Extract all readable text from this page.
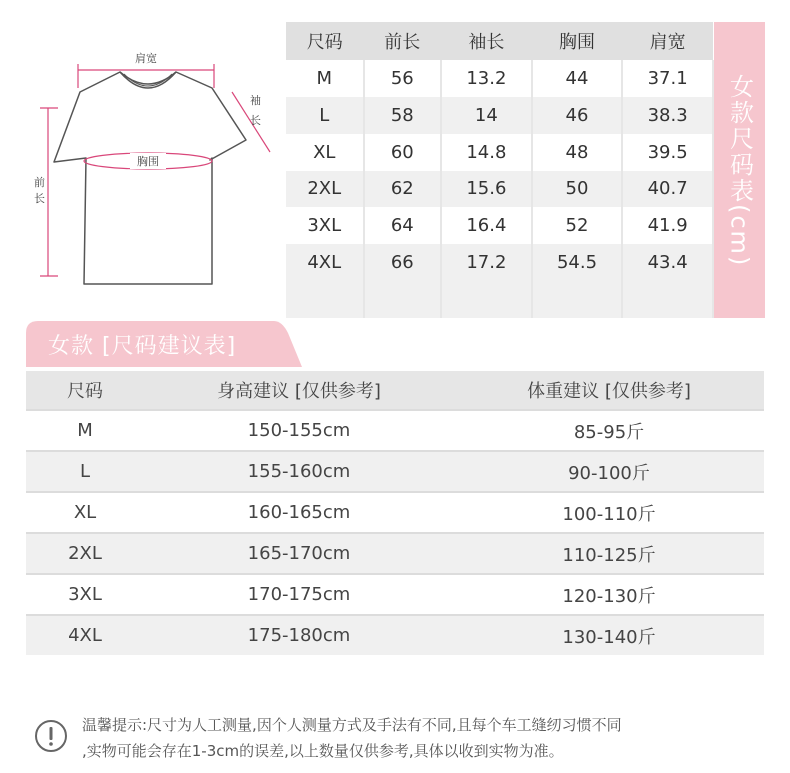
肩宽
袖
长
胸围
前
长
尺码	前长	袖长	胸围	肩宽
M	56	13.2	44	37.1
L	58	14	46	38.3
XL	60	14.8	48	39.5
2XL	62	15.6	50	40.7
3XL	64	16.4	52	41.9
4XL	66	17.2	54.5	43.4

女款尺码表
(cm)
女款 [尺码建议表]
尺码	身高建议 [仅供参考]	体重建议 [仅供参考]
M	150-155cm	85-95斤
L	155-160cm	90-100斤
XL	160-165cm	100-110斤
2XL	165-170cm	110-125斤
3XL	170-175cm	120-130斤
4XL	175-180cm	130-140斤
温馨提示:尺寸为人工测量,因个人测量方式及手法有不同,且每个车工缝纫习惯不同
,实物可能会存在1-3cm的误差,以上数量仅供参考,具体以收到实物为准。
